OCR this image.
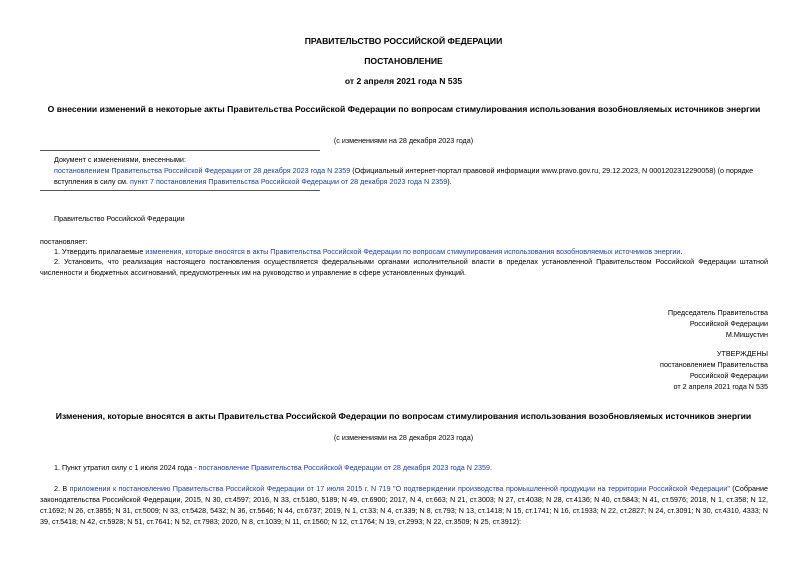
ПРАВИТЕЛЬСТВО РОССИЙСКОЙ ФЕДЕРАЦИИ
ПОСТАНОВЛЕНИЕ
от 2 апреля 2021 года N 535
О внесении изменений в некоторые акты Правительства Российской Федерации по вопросам стимулирования использования возобновляемых источников энергии
(с изменениями на 28 декабря 2023 года)
Документ с изменениями, внесенными:
постановлением Правительства Российской Федерации от 28 декабря 2023 года N 2359 (Официальный интернет-портал правовой информации www.pravo.gov.ru, 29.12.2023, N 0001202312290058) (о порядке вступления в силу см. пункт 7 постановления Правительства Российской Федерации от 28 декабря 2023 года N 2359).
Правительство Российской Федерации
постановляет:
1. Утвердить прилагаемые изменения, которые вносятся в акты Правительства Российской Федерации по вопросам стимулирования использования возобновляемых источников энергии.
2. Установить, что реализация настоящего постановления осуществляется федеральными органами исполнительной власти в пределах установленной Правительством Российской Федерации штатной численности и бюджетных ассигнований, предусмотренных им на руководство и управление в сфере установленных функций.
Председатель Правительства
Российской Федерации
М.Мишустин
УТВЕРЖДЕНЫ
постановлением Правительства
Российской Федерации
от 2 апреля 2021 года N 535
Изменения, которые вносятся в акты Правительства Российской Федерации по вопросам стимулирования использования возобновляемых источников энергии
(с изменениями на 28 декабря 2023 года)
1. Пункт утратил силу с 1 июля 2024 года - постановление Правительства Российской Федерации от 28 декабря 2023 года N 2359.
2. В приложении к постановлению Правительства Российской Федерации от 17 июля 2015 г. N 719 "О подтверждении производства промышленной продукции на территории Российской Федерации" (Собрание законодательства Российской Федерации, 2015, N 30, ст.4597; 2016, N 33, ст.5180, 5189; N 49, ст.6900; 2017, N 4, ст.663; N 21, ст.3003; N 27, ст.4038; N 28, ст.4136; N 40, ст.5843; N 41, ст.5976; 2018, N 1, ст.358; N 12, ст.1692; N 26, ст.3855; N 31, ст.5009; N 33, ст.5428, 5432; N 36, ст.5646; N 44, ст.6737; 2019, N 1, ст.33; N 4, ст.339; N 8, ст.793; N 13, ст.1418; N 15, ст.1741; N 16, ст.1933; N 22, ст.2827; N 24, ст.3091; N 30, ст.4310, 4333; N 39, ст.5418; N 42, ст.5928; N 51, ст.7641; N 52, ст.7983; 2020, N 8, ст.1039; N 11, ст.1560; N 12, ст.1764; N 19, ст.2993; N 22, ст.3509; N 25, ст.3912):
